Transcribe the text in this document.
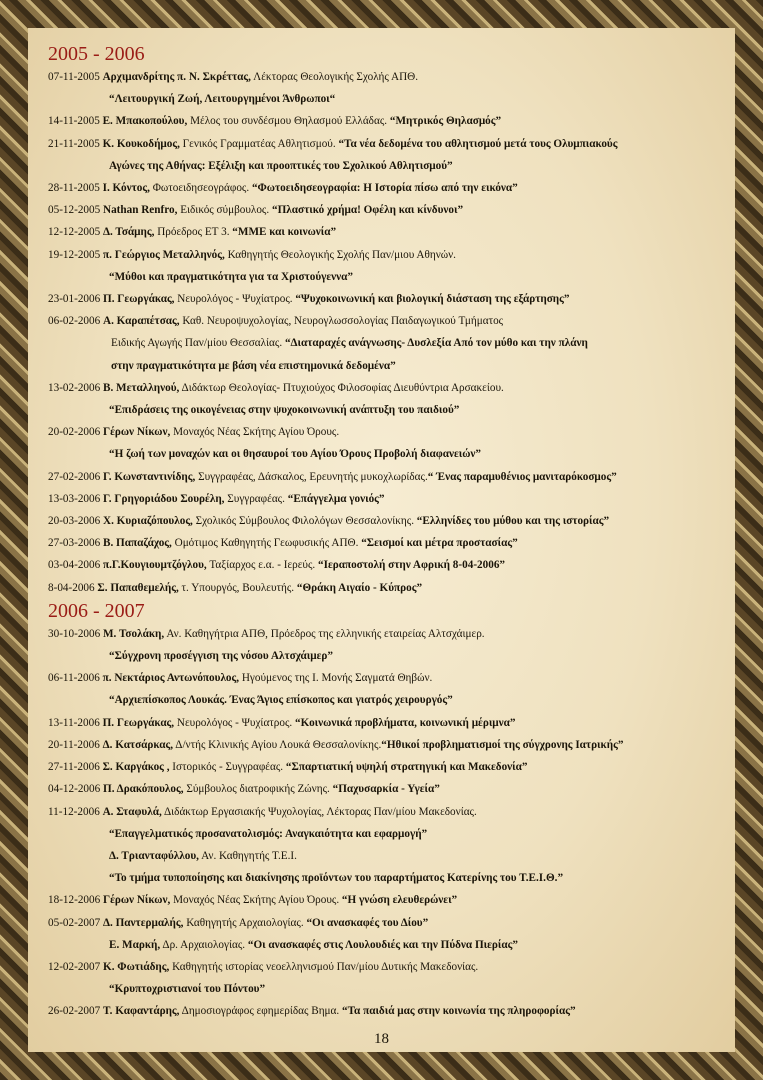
2005 - 2006
07-11-2005 Αρχιμανδρίτης π. Ν. Σκρέττας, Λέκτορας Θεολογικής Σχολής ΑΠΘ.
“Λειτουργική Ζωή, Λειτουργημένοι Άνθρωποι“
14-11-2005 Ε. Μπακοπούλου, Μέλος του συνδέσμου Θηλασμού Ελλάδας. “Μητρικός Θηλασμός”
21-11-2005 Κ. Κουκοδήμος, Γενικός Γραμματέας Αθλητισμού. “Τα νέα δεδομένα του αθλητισμού μετά τους Ολυμπιακούς
Αγώνες της Αθήνας: Εξέλιξη και προοπτικές του Σχολικού Αθλητισμού”
28-11-2005 Ι. Κόντος, Φωτοειδησεογράφος. “Φωτοειδησεογραφία: Η Ιστορία πίσω από την εικόνα”
05-12-2005 Nathan Renfro, Ειδικός σύμβουλος. “Πλαστικό χρήμα! Οφέλη και κίνδυνοι”
12-12-2005 Δ. Τσάμης, Πρόεδρος ΕΤ 3. “ΜΜΕ και κοινωνία”
19-12-2005 π. Γεώργιος Μεταλληνός, Καθηγητής Θεολογικής Σχολής Παν/μιου Αθηνών.
“Μύθοι και πραγματικότητα για τα Χριστούγεννα”
23-01-2006 Π. Γεωργάκας, Νευρολόγος - Ψυχίατρος. “Ψυχοκοινωνική και βιολογική διάσταση της εξάρτησης”
06-02-2006 Α. Καραπέτσας, Καθ. Νευροψυχολογίας, Νευρογλωσσολογίας Παιδαγωγικού Τμήματος
Ειδικής Αγωγής Παν/μίου Θεσσαλίας. “Διαταραχές ανάγνωσης- Δυσλεξία Από τον μύθο και την πλάνη
στην πραγματικότητα με βάση νέα επιστημονικά δεδομένα”
13-02-2006 Β. Μεταλληνού, Διδάκτωρ Θεολογίας- Πτυχιούχος Φιλοσοφίας Διευθύντρια Αρσακείου.
“Επιδράσεις της οικογένειας στην ψυχοκοινωνική ανάπτυξη του παιδιού”
20-02-2006 Γέρων Νίκων, Μοναχός Νέας Σκήτης Αγίου Όρους.
“Η ζωή των μοναχών και οι θησαυροί του Αγίου Όρους Προβολή διαφανειών”
27-02-2006 Γ. Κωνσταντινίδης, Συγγραφέας, Δάσκαλος, Ερευνητής μυκοχλωρίδας.“ Ένας παραμυθένιος μανιταρόκοσμος”
13-03-2006 Γ. Γρηγοριάδου Σουρέλη, Συγγραφέας. “Επάγγελμα γονιός”
20-03-2006 Χ. Κυριαζόπουλος, Σχολικός Σύμβουλος Φιλολόγων Θεσσαλονίκης. “Ελληνίδες του μύθου και της ιστορίας”
27-03-2006 Β. Παπαζάχος, Ομότιμος Καθηγητής Γεωφυσικής ΑΠΘ. “Σεισμοί και μέτρα προστασίας”
03-04-2006 π.Γ.Κουγιουμτζόγλου, Ταξίαρχος ε.α. - Ιερεύς. “Ιεραποστολή στην Αφρική 8-04-2006”
8-04-2006 Σ. Παπαθεμελής, τ. Υπουργός, Βουλευτής. “Θράκη Αιγαίο - Κύπρος”
2006 - 2007
30-10-2006 Μ. Τσολάκη, Αν. Καθηγήτρια ΑΠΘ, Πρόεδρος της ελληνικής εταιρείας Αλτσχάιμερ.
“Σύγχρονη προσέγγιση της νόσου Αλτσχάιμερ”
06-11-2006 π. Νεκτάριος Αντωνόπουλος, Ηγούμενος της Ι. Μονής Σαγματά Θηβών.
“Αρχιεπίσκοπος Λουκάς. Ένας Άγιος επίσκοπος και γιατρός χειρουργός”
13-11-2006 Π. Γεωργάκας, Νευρολόγος - Ψυχίατρος. “Κοινωνικά προβλήματα, κοινωνική μέριμνα”
20-11-2006 Δ. Κατσάρκας, Δ/ντής Κλινικής Αγίου Λουκά Θεσσαλονίκης.“Ηθικοί προβληματισμοί της σύγχρονης Ιατρικής”
27-11-2006 Σ. Καργάκος , Ιστορικός - Συγγραφέας. “Σπαρτιατική υψηλή στρατηγική και Μακεδονία”
04-12-2006 Π. Δρακόπουλος, Σύμβουλος διατροφικής Ζώνης. “Παχυσαρκία - Υγεία”
11-12-2006 Α. Σταφυλά, Διδάκτωρ Εργασιακής Ψυχολογίας, Λέκτορας Παν/μίου Μακεδονίας.
“Επαγγελματικός προσανατολισμός: Αναγκαιότητα και εφαρμογή”
Δ. Τριανταφύλλου, Αν. Καθηγητής Τ.Ε.Ι.
“Το τμήμα τυποποίησης και διακίνησης προϊόντων του παραρτήματος Κατερίνης του Τ.Ε.Ι.Θ.”
18-12-2006 Γέρων Νίκων, Μοναχός Νέας Σκήτης Αγίου Όρους. “Η γνώση ελευθερώνει”
05-02-2007 Δ. Παντερμαλής, Καθηγητής Αρχαιολογίας. “Οι ανασκαφές του Δίου”
Ε. Μαρκή, Δρ. Αρχαιολογίας. “Οι ανασκαφές στις Λουλουδιές και την Πύδνα Πιερίας”
12-02-2007 Κ. Φωτιάδης, Καθηγητής ιστορίας νεοελληνισμού Παν/μίου Δυτικής Μακεδονίας.
“Κρυπτοχριστιανοί του Πόντου”
26-02-2007 Τ. Καφαντάρης, Δημοσιογράφος εφημερίδας Βημα. “Τα παιδιά μας στην κοινωνία της πληροφορίας”
18
